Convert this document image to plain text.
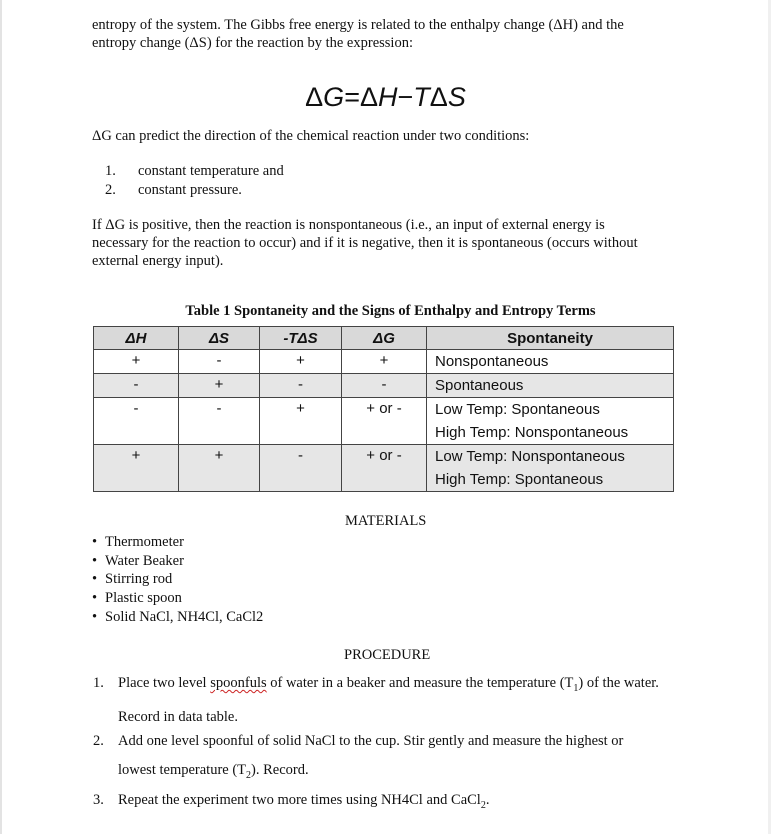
entropy of the system. The Gibbs free energy is related to the enthalpy change (ΔH) and the

entropy change (ΔS) for the reaction by the expression:

ΔG=ΔH−TΔS

ΔG can predict the direction of the chemical reaction under two conditions:

1.	constant temperature and
2.	constant pressure.

If ΔG is positive, then the reaction is nonspontaneous (i.e., an input of external energy is

necessary for the reaction to occur) and if it is negative, then it is spontaneous (occurs without

external energy input).

Table 1 Spontaneity and the Signs of Enthalpy and Entropy Terms
ΔH	ΔS	-TΔS	ΔG	Spontaneity
+	-	+	+	Nonspontaneous
-	+	-	-	Spontaneous
-	-	+	+ or -	Low Temp: Spontaneous
High Temp: Nonspontaneous

+	+	-	+ or -	Low Temp: Nonspontaneous
High Temp: Spontaneous
MATERIALS
• Thermometer
• Water Beaker
• Stirring rod
• Plastic spoon
• Solid NaCl, NH4Cl, CaCl2
PROCEDURE
1. Place two level spoonfuls of water in a beaker and measure the temperature $(T_1)$ of the water. Record in data table.
2. Add one level spoonful of solid NaCl to the cup. Stir gently and measure the highest or lowest temperature $(T_2)$. Record.
3. Repeat the experiment two more times using NH4Cl and CaCl$_2$.
